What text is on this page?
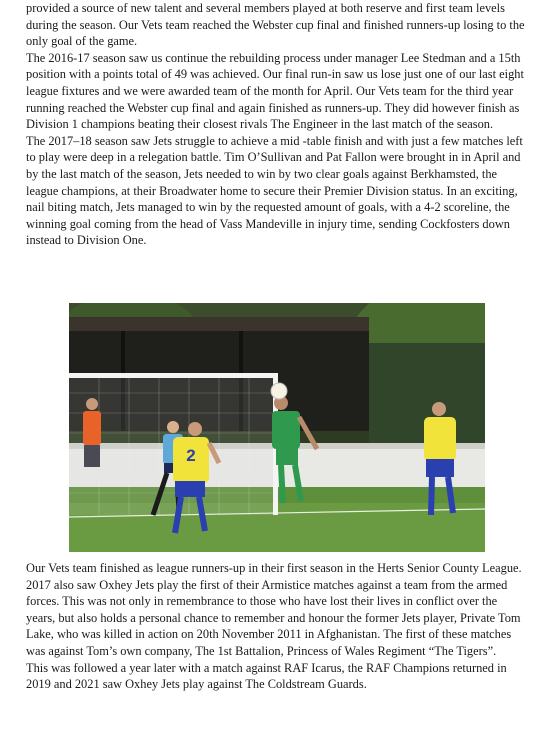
provided a source of new talent and several members played at both reserve and first team levels during the season. Our Vets team reached the Webster cup final and finished runners-up losing to the only goal of the game.

The 2016-17 season saw us continue the rebuilding process under manager Lee Stedman and a 15th position with a points total of 49 was achieved. Our final run-in saw us lose just one of our last eight league fixtures and we were awarded team of the month for April. Our Vets team for the third year running reached the Webster cup final and again finished as runners-up. They did however finish as Division 1 champions beating their closest rivals The Engineer in the last match of the season.

The 2017–18 season saw Jets struggle to achieve a mid -table finish and with just a few matches left to play were deep in a relegation battle. Tim O’Sullivan and Pat Fallon were brought in in April and by the last match of the season, Jets needed to win by two clear goals against Berkhamsted, the league champions, at their Broadwater home to secure their Premier Division status. In an exciting, nail biting match, Jets managed to win by the requested amount of goals, with a 4-2 scoreline, the winning goal coming from the head of Vass Mandeville in injury time, sending Cockfosters down instead to Division One.

2

Our Vets team finished as league runners-up in their first season in the Herts Senior County League.

2017 also saw Oxhey Jets play the first of their Armistice matches against a team from the armed forces. This was not only in remembrance to those who have lost their lives in conflict over the years, but also holds a personal chance to remember and honour the former Jets player, Private Tom Lake, who was killed in action on 20th November 2011 in Afghanistan. The first of these matches was against Tom’s own company, The 1st Battalion, Princess of Wales Regiment “The Tigers”.

This was followed a year later with a match against RAF Icarus, the RAF Champions returned in 2019 and 2021 saw Oxhey Jets play against The Coldstream Guards.
